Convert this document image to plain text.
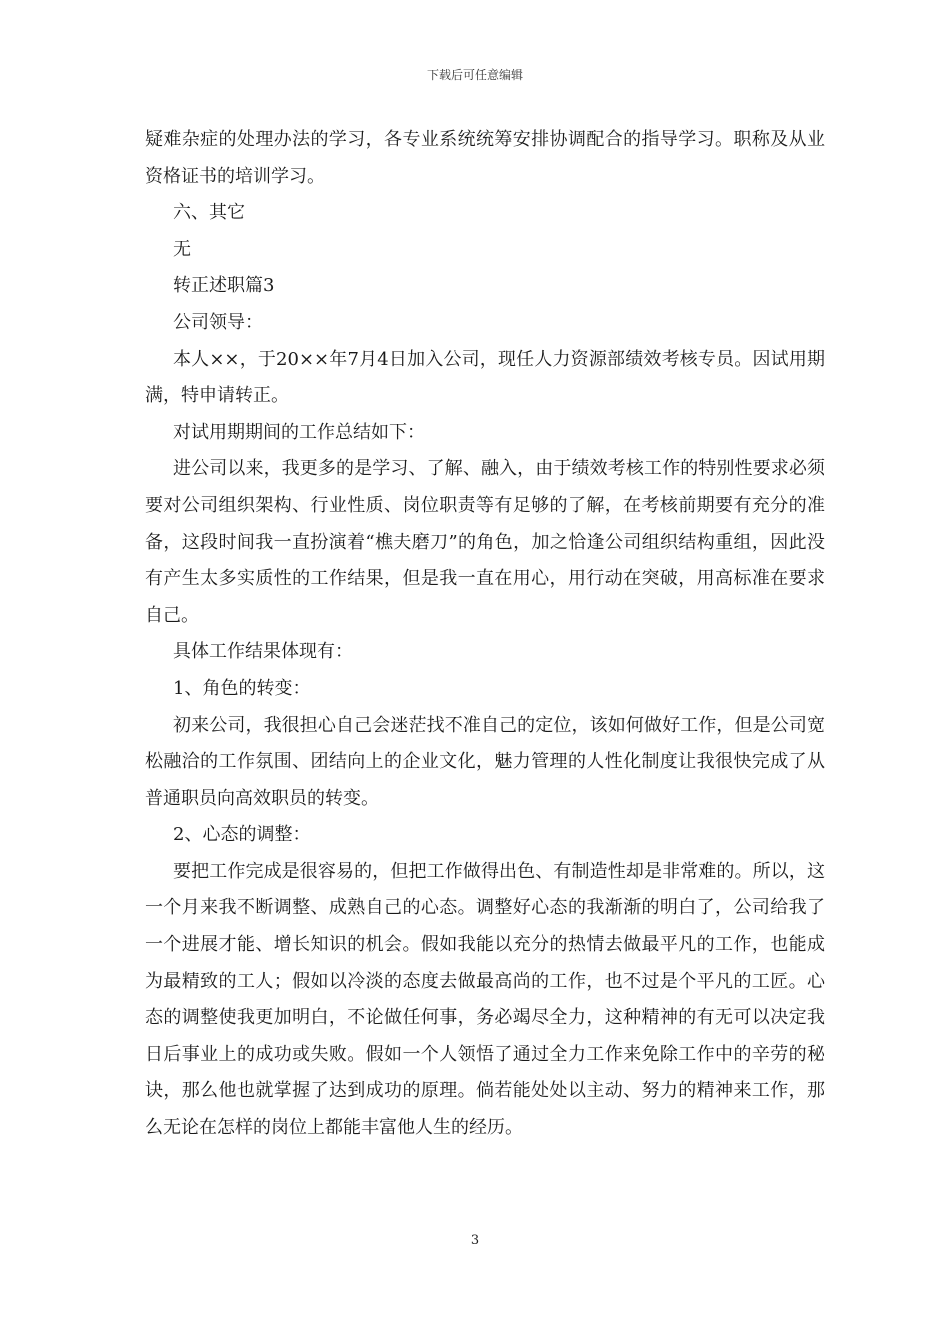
下载后可任意编辑

疑难杂症的处理办法的学习，各专业系统统筹安排协调配合的指导学习。职称及从业资格证书的培训学习。

六、其它

无

转正述职篇3

公司领导：

本人××，于20××年7月4日加入公司，现任人力资源部绩效考核专员。因试用期满，特申请转正。

对试用期期间的工作总结如下：

进公司以来，我更多的是学习、了解、融入，由于绩效考核工作的特别性要求必须要对公司组织架构、行业性质、岗位职责等有足够的了解，在考核前期要有充分的准备，这段时间我一直扮演着“樵夫磨刀”的角色，加之恰逢公司组织结构重组，因此没有产生太多实质性的工作结果，但是我一直在用心，用行动在突破，用高标准在要求自己。

具体工作结果体现有：

1、角色的转变：

初来公司，我很担心自己会迷茫找不准自己的定位，该如何做好工作，但是公司宽松融洽的工作氛围、团结向上的企业文化，魅力管理的人性化制度让我很快完成了从普通职员向高效职员的转变。

2、心态的调整：

要把工作完成是很容易的，但把工作做得出色、有制造性却是非常难的。所以，这一个月来我不断调整、成熟自己的心态。调整好心态的我渐渐的明白了，公司给我了一个进展才能、增长知识的机会。假如我能以充分的热情去做最平凡的工作，也能成为最精致的工人；假如以冷淡的态度去做最高尚的工作，也不过是个平凡的工匠。心态的调整使我更加明白，不论做任何事，务必竭尽全力，这种精神的有无可以决定我日后事业上的成功或失败。假如一个人领悟了通过全力工作来免除工作中的辛劳的秘诀，那么他也就掌握了达到成功的原理。倘若能处处以主动、努力的精神来工作，那么无论在怎样的岗位上都能丰富他人生的经历。

3
